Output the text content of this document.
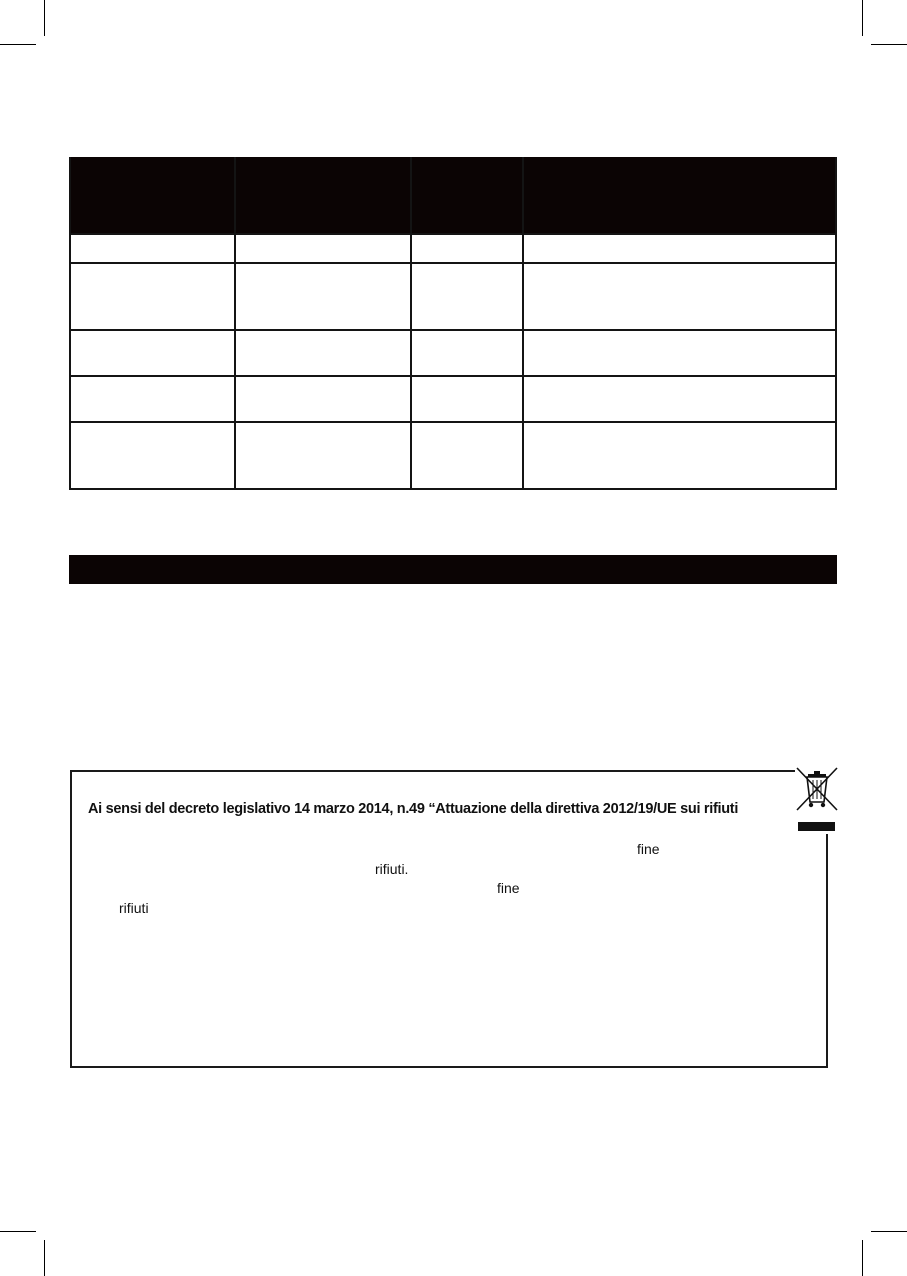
Ai sensi del decreto legislativo 14 marzo 2014, n.49 “Attuazione della direttiva 2012/19/UE sui rifiuti
fine
rifiuti.
fine
rifiuti
